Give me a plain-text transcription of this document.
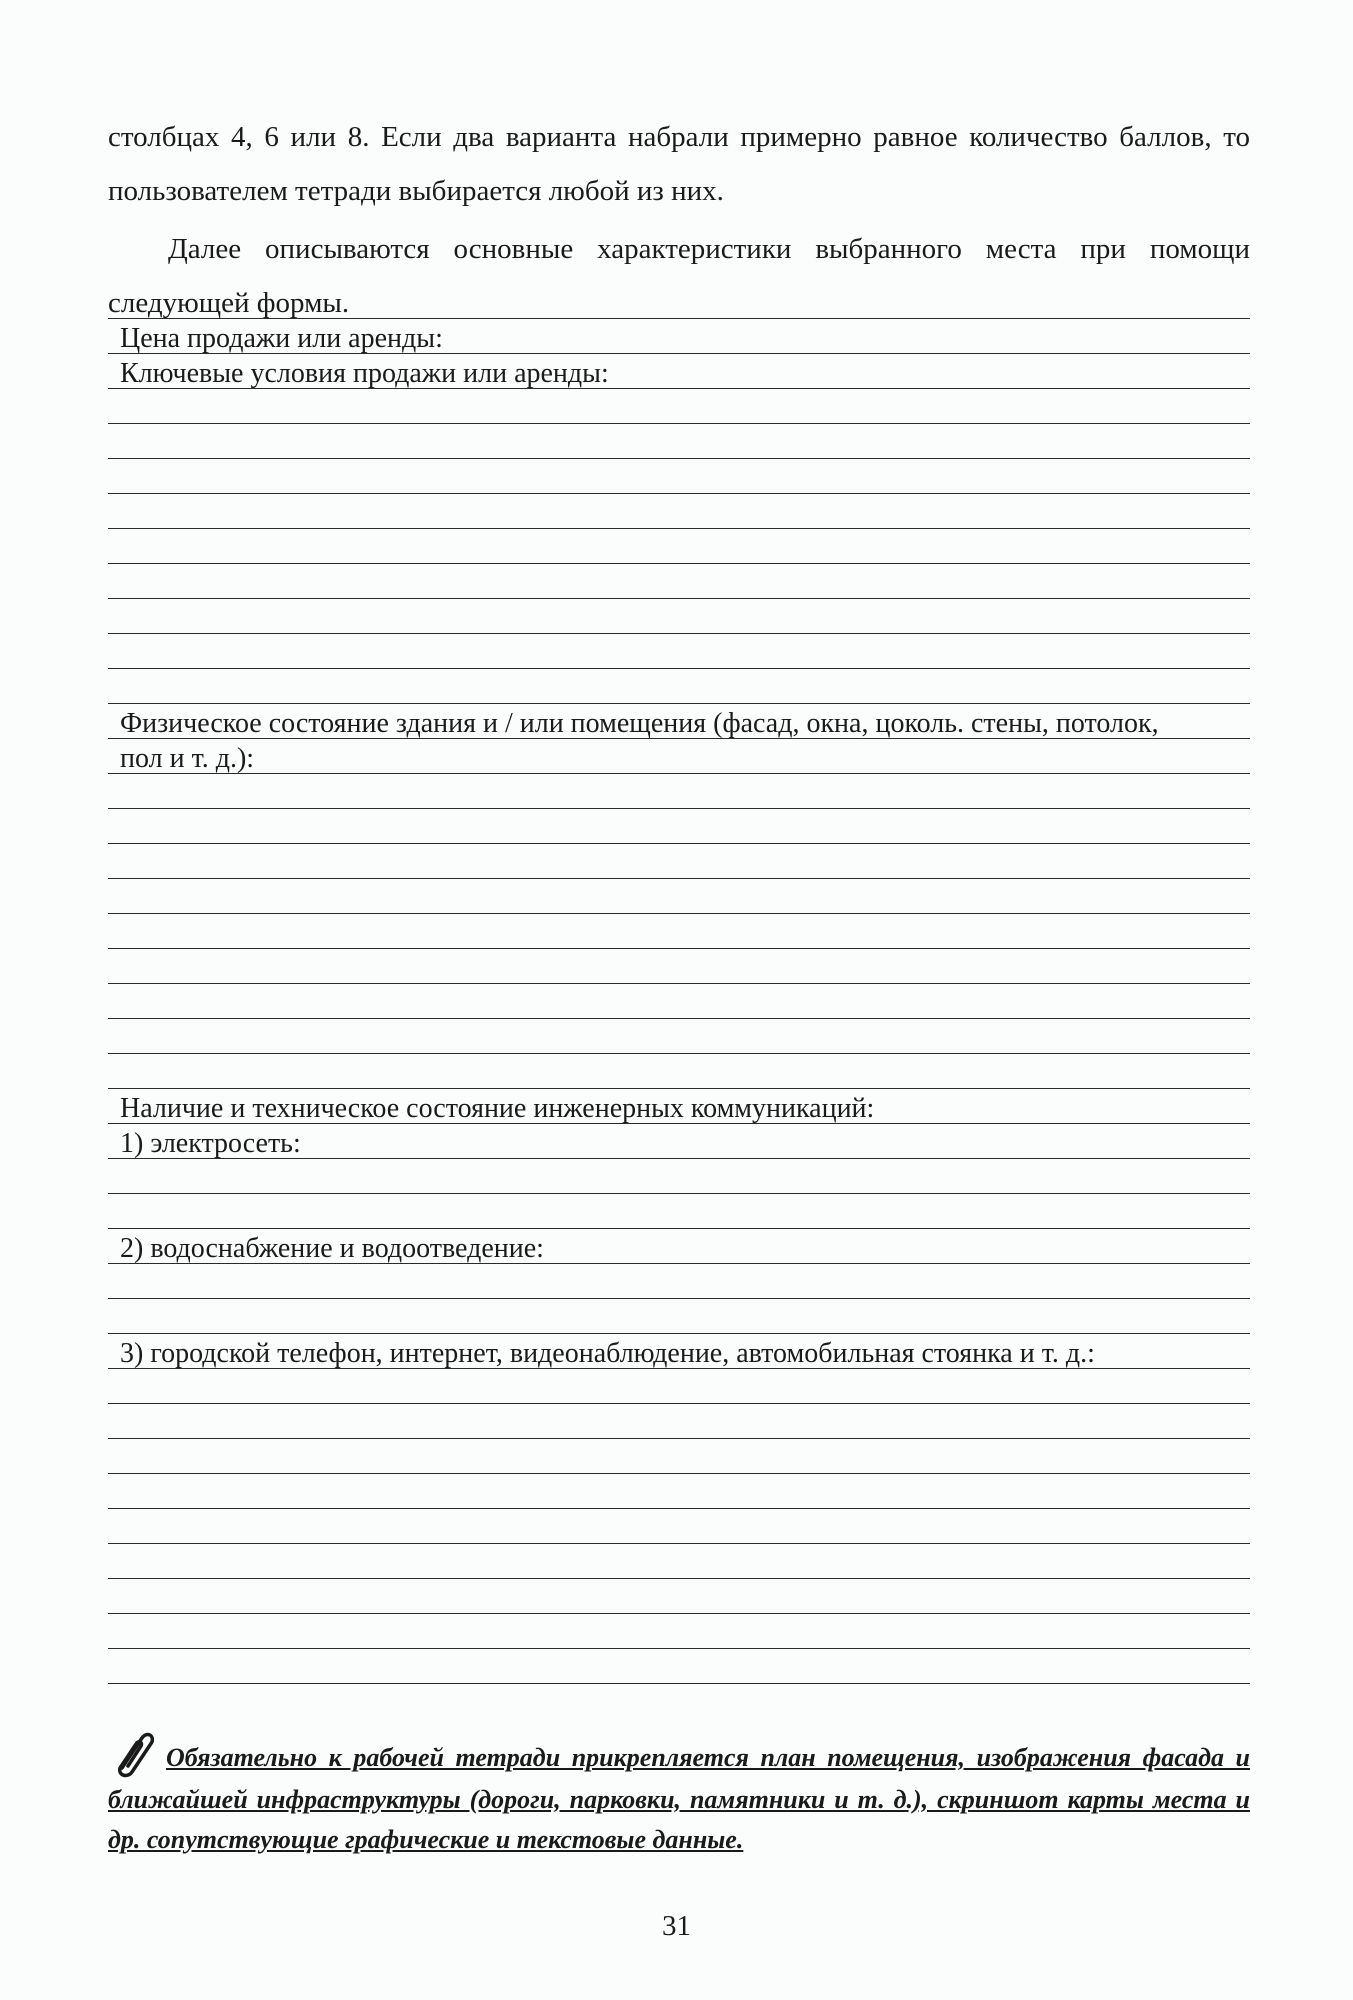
столбцах 4, 6 или 8. Если два варианта набрали примерно равное количество баллов, то пользователем тетради выбирается любой из них.

Далее описываются основные характеристики выбранного места при помощи следующей формы.

Цена продажи или аренды:
Ключевые условия продажи или аренды:
Физическое состояние здания и / или помещения (фасад, окна, цоколь. стены, потолок,
пол и т. д.):
Наличие и техническое состояние инженерных коммуникаций:
1) электросеть:
2) водоснабжение и водоотведение:
3) городской телефон, интернет, видеонаблюдение, автомобильная стоянка и т. д.:
Обязательно к рабочей тетради прикрепляется план помещения, изображения фасада и ближайшей инфраструктуры (дороги, парковки, памятники и т. д.), скриншот карты места и др. сопутствующие графические и текстовые данные.
31
